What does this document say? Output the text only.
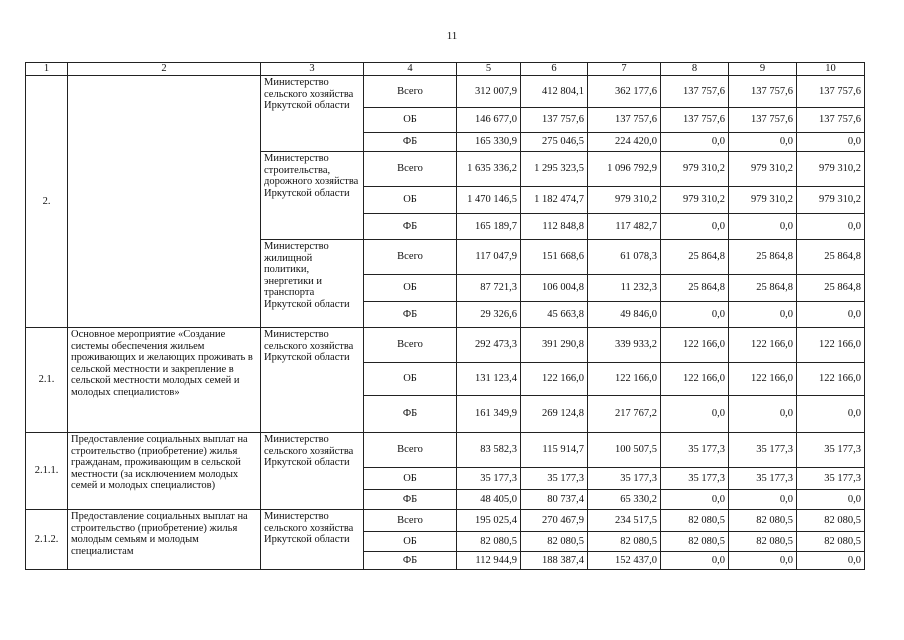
11
1	2	3	4	5	6	7	8	9	10
2.		Министерство сельского хозяйства Иркутской области	Всего	312 007,9	412 804,1	362 177,6	137 757,6	137 757,6	137 757,6
			ОБ	146 677,0	137 757,6	137 757,6	137 757,6	137 757,6	137 757,6
			ФБ	165 330,9	275 046,5	224 420,0	0,0	0,0	0,0
		Министерство строительства, дорожного хозяйства Иркутской области	Всего	1 635 336,2	1 295 323,5	1 096 792,9	979 310,2	979 310,2	979 310,2
			ОБ	1 470 146,5	1 182 474,7	979 310,2	979 310,2	979 310,2	979 310,2
			ФБ	165 189,7	112 848,8	117 482,7	0,0	0,0	0,0
		Министерство жилищной политики, энергетики и транспорта Иркутской области	Всего	117 047,9	151 668,6	61 078,3	25 864,8	25 864,8	25 864,8
			ОБ	87 721,3	106 004,8	11 232,3	25 864,8	25 864,8	25 864,8
			ФБ	29 326,6	45 663,8	49 846,0	0,0	0,0	0,0
2.1.	Основное мероприятие «Создание системы обеспечения жильем проживающих и желающих проживать в сельской местности и закрепление в сельской местности молодых семей и молодых специалистов»	Министерство сельского хозяйства Иркутской области	Всего	292 473,3	391 290,8	339 933,2	122 166,0	122 166,0	122 166,0
			ОБ	131 123,4	122 166,0	122 166,0	122 166,0	122 166,0	122 166,0
			ФБ	161 349,9	269 124,8	217 767,2	0,0	0,0	0,0
2.1.1.	Предоставление социальных выплат на строительство (приобретение) жилья гражданам, проживающим в сельской местности (за исключением молодых семей и молодых специалистов)	Министерство сельского хозяйства Иркутской области	Всего	83 582,3	115 914,7	100 507,5	35 177,3	35 177,3	35 177,3
			ОБ	35 177,3	35 177,3	35 177,3	35 177,3	35 177,3	35 177,3
			ФБ	48 405,0	80 737,4	65 330,2	0,0	0,0	0,0
2.1.2.	Предоставление социальных выплат на строительство (приобретение) жилья молодым семьям и молодым специалистам	Министерство сельского хозяйства Иркутской области	Всего	195 025,4	270 467,9	234 517,5	82 080,5	82 080,5	82 080,5
			ОБ	82 080,5	82 080,5	82 080,5	82 080,5	82 080,5	82 080,5
			ФБ	112 944,9	188 387,4	152 437,0	0,0	0,0	0,0
